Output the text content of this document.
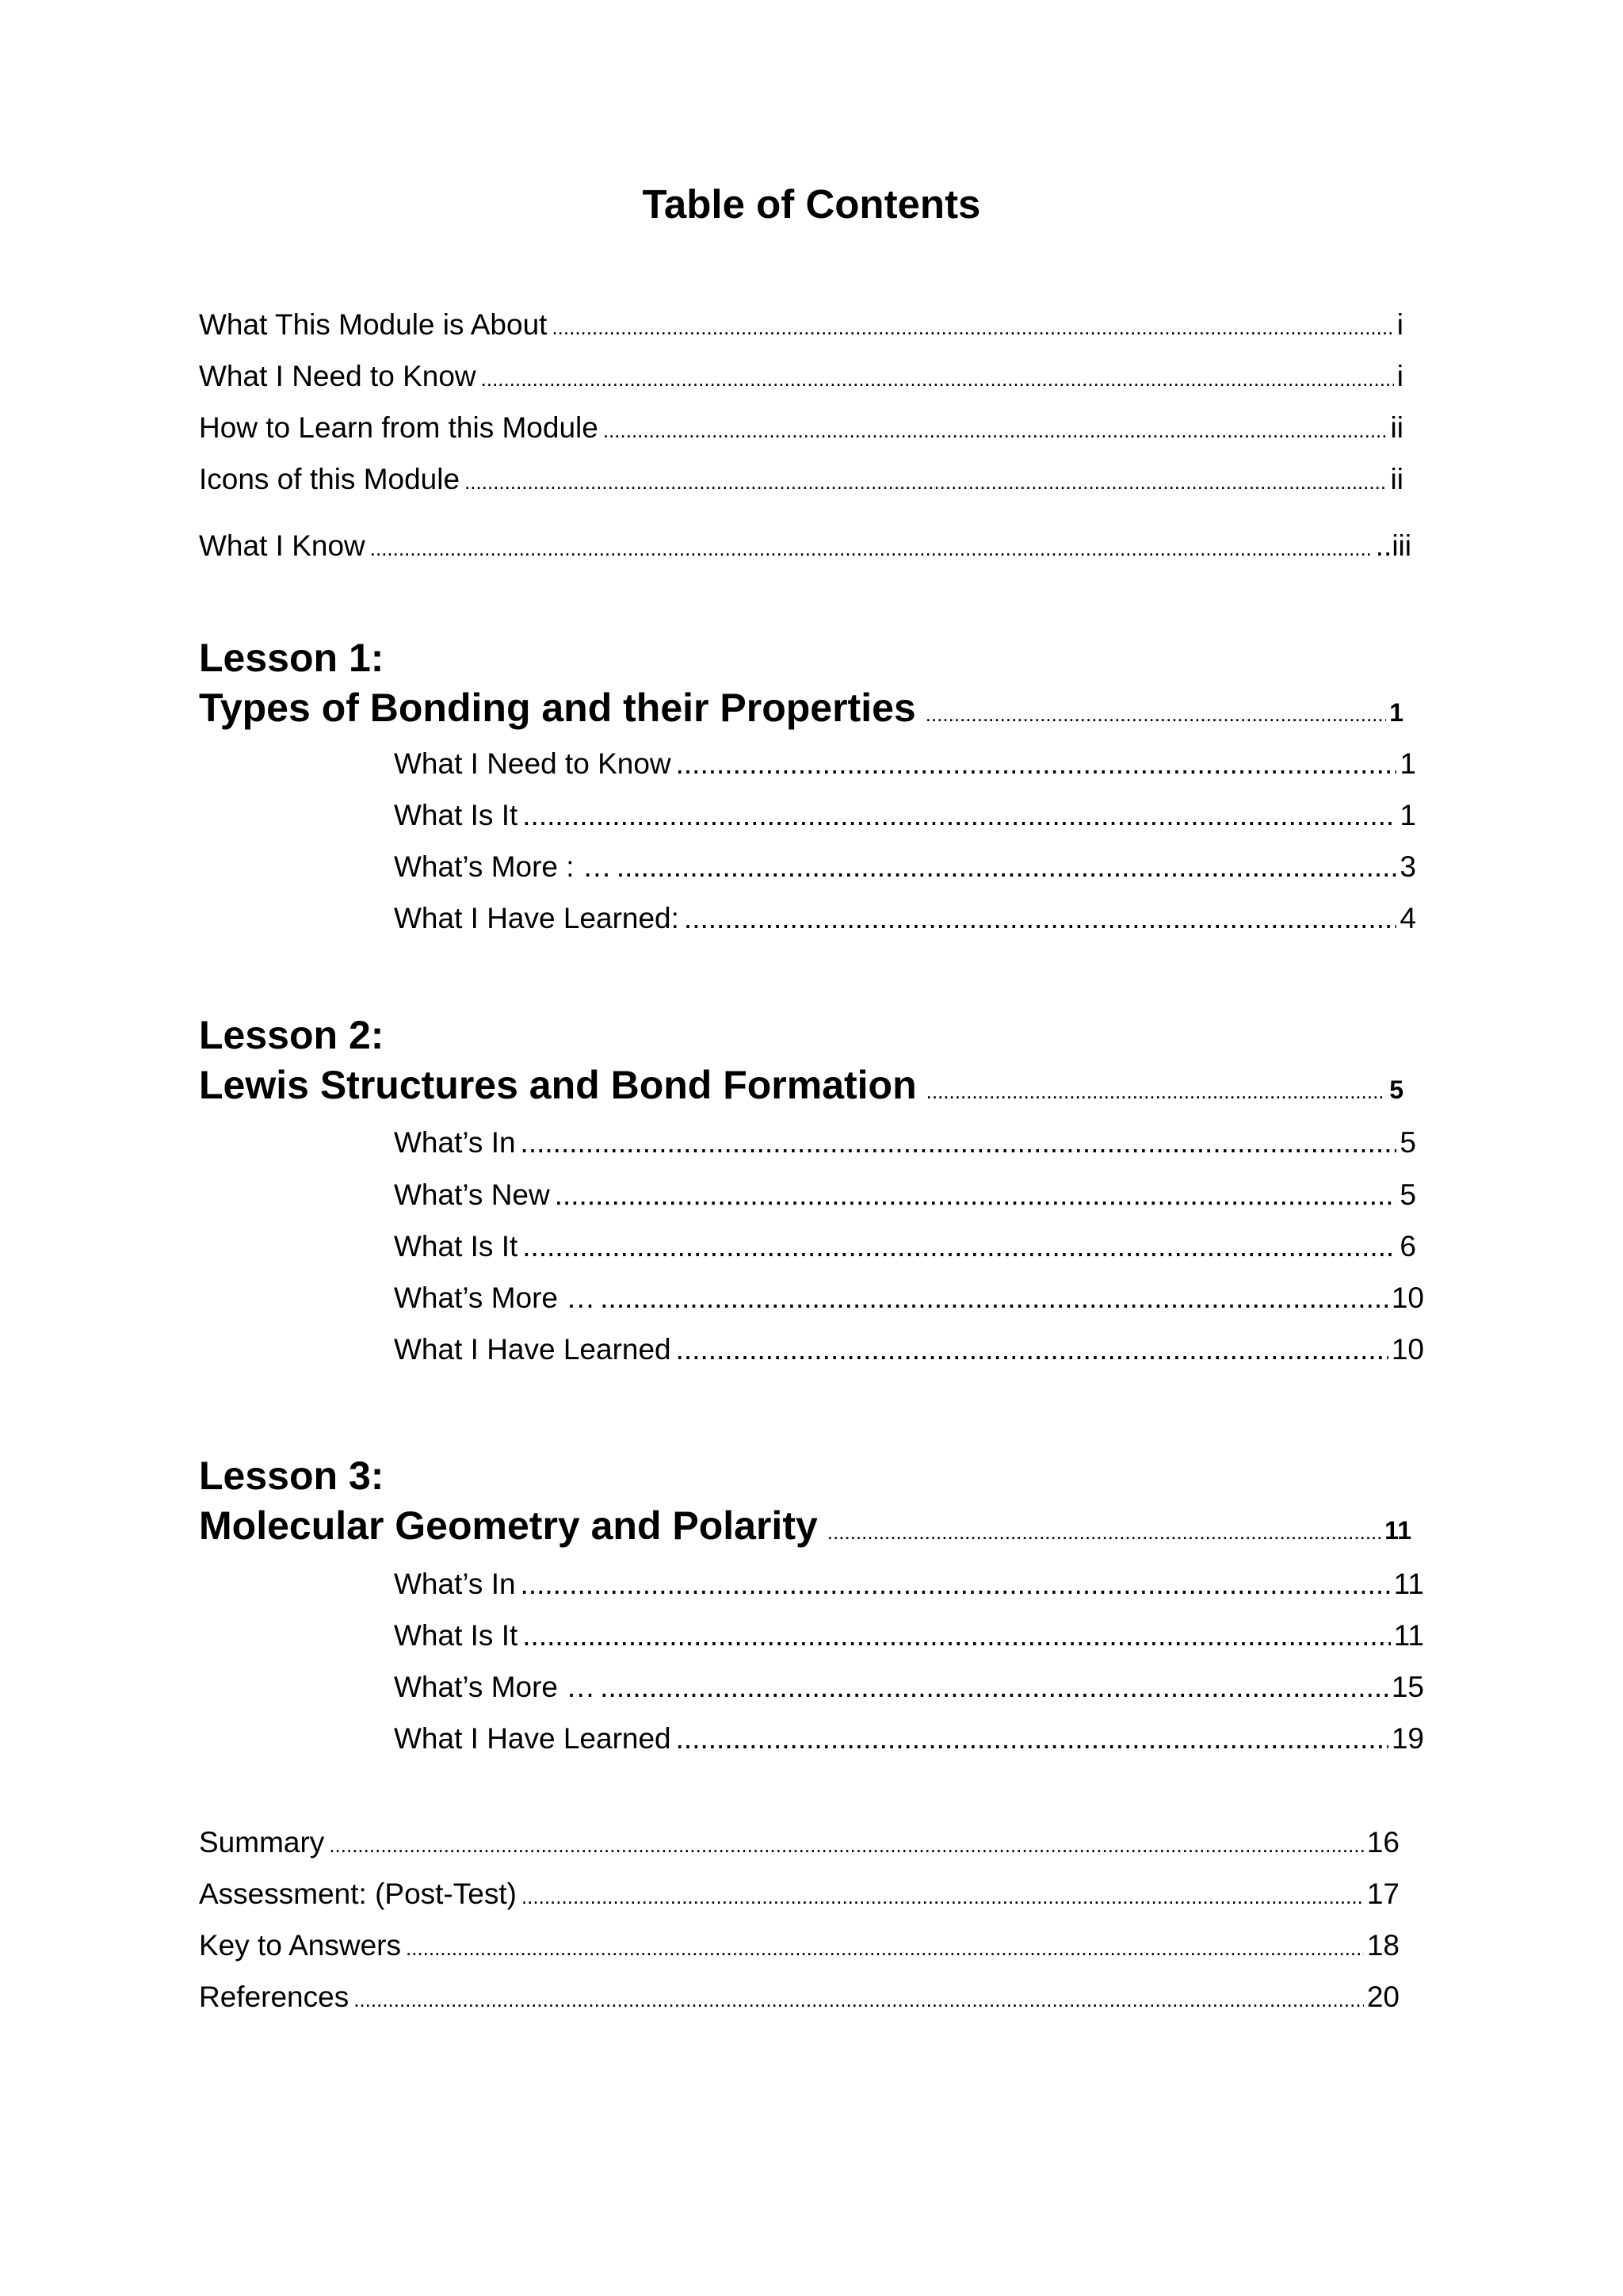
Table of Contents
What This Module is About .....	i
What I Need to Know .....	i
How to Learn from this Module .....	ii
Icons of this Module .....	ii
What I Know .....	..iii
Lesson 1:
Types of Bonding and their Properties .....	1
What I Need to Know .....	1
What Is It .....	1
What’s More : … .....	3
What I Have Learned: .....	4
Lesson 2:
Lewis Structures and Bond Formation .....	5
What’s In .....	5
What’s New .....	5
What Is It .....	6
What’s More … .....	10
What I Have Learned .....	10
Lesson 3:
Molecular Geometry and Polarity .....	11
What’s In .....	11
What Is It .....	11
What’s More … .....	15
What I Have Learned .....	19
Summary .....	16
Assessment: (Post-Test) .....	17
Key to Answers .....	18
References .....	20
